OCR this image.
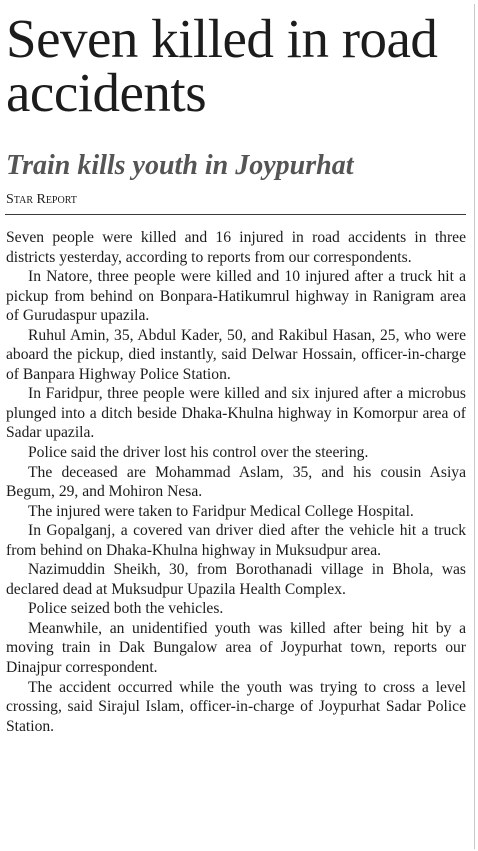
Seven killed in road accidents
Train kills youth in Joypurhat
Star Report

Seven people were killed and 16 injured in road accidents in three districts yesterday, according to reports from our correspondents.

In Natore, three people were killed and 10 injured after a truck hit a pickup from behind on Bonpara-Hatikumrul highway in Ranigram area of Gurudaspur upazila.

Ruhul Amin, 35, Abdul Kader, 50, and Rakibul Hasan, 25, who were aboard the pickup, died instantly, said Delwar Hossain, officer-in-charge of Banpara Highway Police Station.

In Faridpur, three people were killed and six injured after a microbus plunged into a ditch beside Dhaka-Khulna highway in Komorpur area of Sadar upazila.

Police said the driver lost his control over the steering.

The deceased are Mohammad Aslam, 35, and his cousin Asiya Begum, 29, and Mohiron Nesa.

The injured were taken to Faridpur Medical College Hospital.

In Gopalganj, a covered van driver died after the vehicle hit a truck from behind on Dhaka-Khulna highway in Muksudpur area.

Nazimuddin Sheikh, 30, from Borothanadi village in Bhola, was declared dead at Muksudpur Upazila Health Complex.

Police seized both the vehicles.

Meanwhile, an unidentified youth was killed after being hit by a moving train in Dak Bungalow area of Joypurhat town, reports our Dinajpur correspondent.

The accident occurred while the youth was trying to cross a level crossing, said Sirajul Islam, officer-in-charge of Joypurhat Sadar Police Station.
